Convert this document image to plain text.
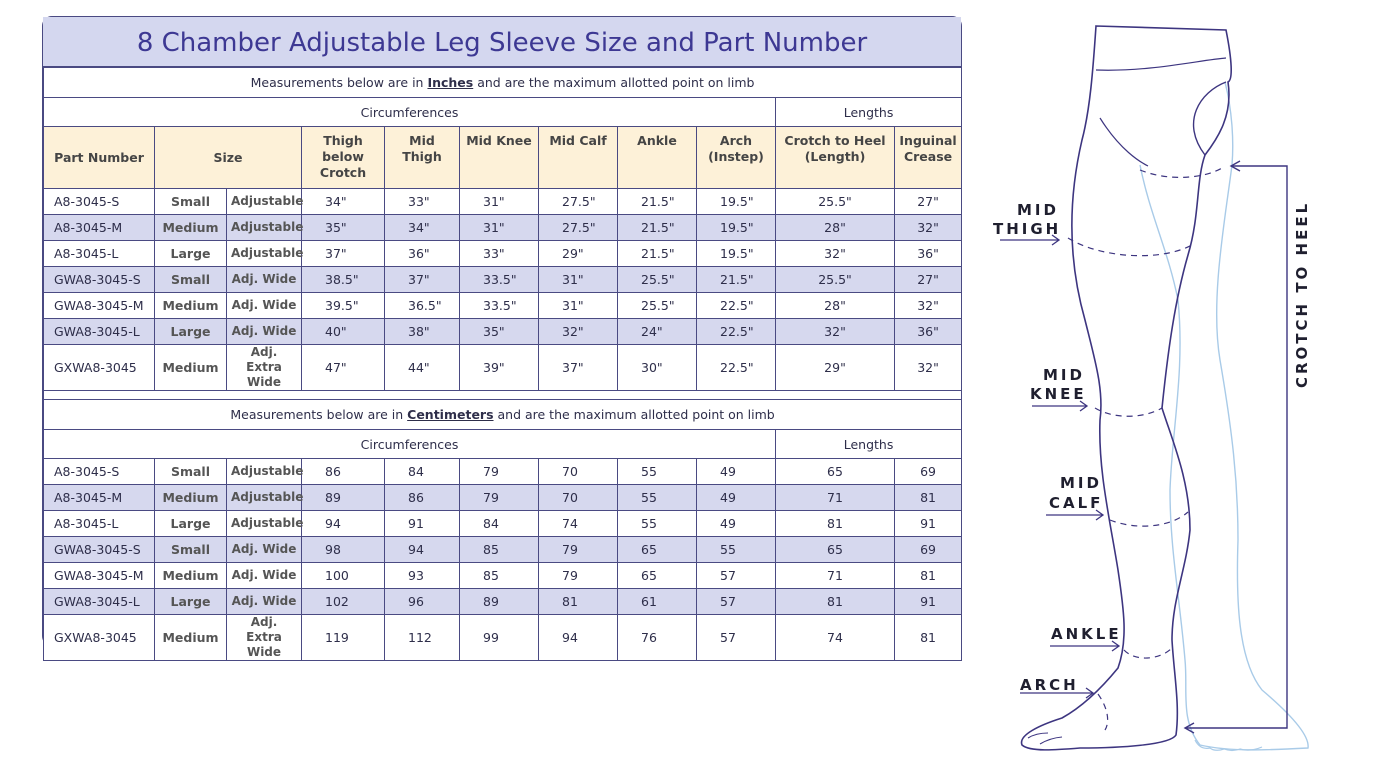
8 Chamber Adjustable Leg Sleeve Size and Part Number
Measurements below are in Inches and are the maximum allotted point on limb										
Circumferences									Lengths	
Part Number	Size		Thigh below Crotch	Mid Thigh	Mid Knee	Mid Calf	Ankle	Arch (Instep)	Crotch to Heel (Length)	Inguinal Crease
A8-3045-S	Small	Adjustable	34"	33"	31"	27.5"	21.5"	19.5"	25.5"	27"
A8-3045-M	Medium	Adjustable	35"	34"	31"	27.5"	21.5"	19.5"	28"	32"
A8-3045-L	Large	Adjustable	37"	36"	33"	29"	21.5"	19.5"	32"	36"
GWA8-3045-S	Small	Adj. Wide	38.5"	37"	33.5"	31"	25.5"	21.5"	25.5"	27"
GWA8-3045-M	Medium	Adj. Wide	39.5"	36.5"	33.5"	31"	25.5"	22.5"	28"	32"
GWA8-3045-L	Large	Adj. Wide	40"	38"	35"	32"	24"	22.5"	32"	36"
GXWA8-3045	Medium	Adj. Extra Wide	47"	44"	39"	37"	30"	22.5"	29"	32"

Measurements below are in Centimeters and are the maximum allotted point on limb										
Circumferences									Lengths	
A8-3045-S	Small	Adjustable	86	84	79	70	55	49	65	69
A8-3045-M	Medium	Adjustable	89	86	79	70	55	49	71	81
A8-3045-L	Large	Adjustable	94	91	84	74	55	49	81	91
GWA8-3045-S	Small	Adj. Wide	98	94	85	79	65	55	65	69
GWA8-3045-M	Medium	Adj. Wide	100	93	85	79	65	57	71	81
GWA8-3045-L	Large	Adj. Wide	102	96	89	81	61	57	81	91
GXWA8-3045	Medium	Adj. Extra Wide	119	112	99	94	76	57	74	81
MID
THIGH
MID
KNEE
MID
CALF
ANKLE
ARCH
CROTCH TO HEEL
